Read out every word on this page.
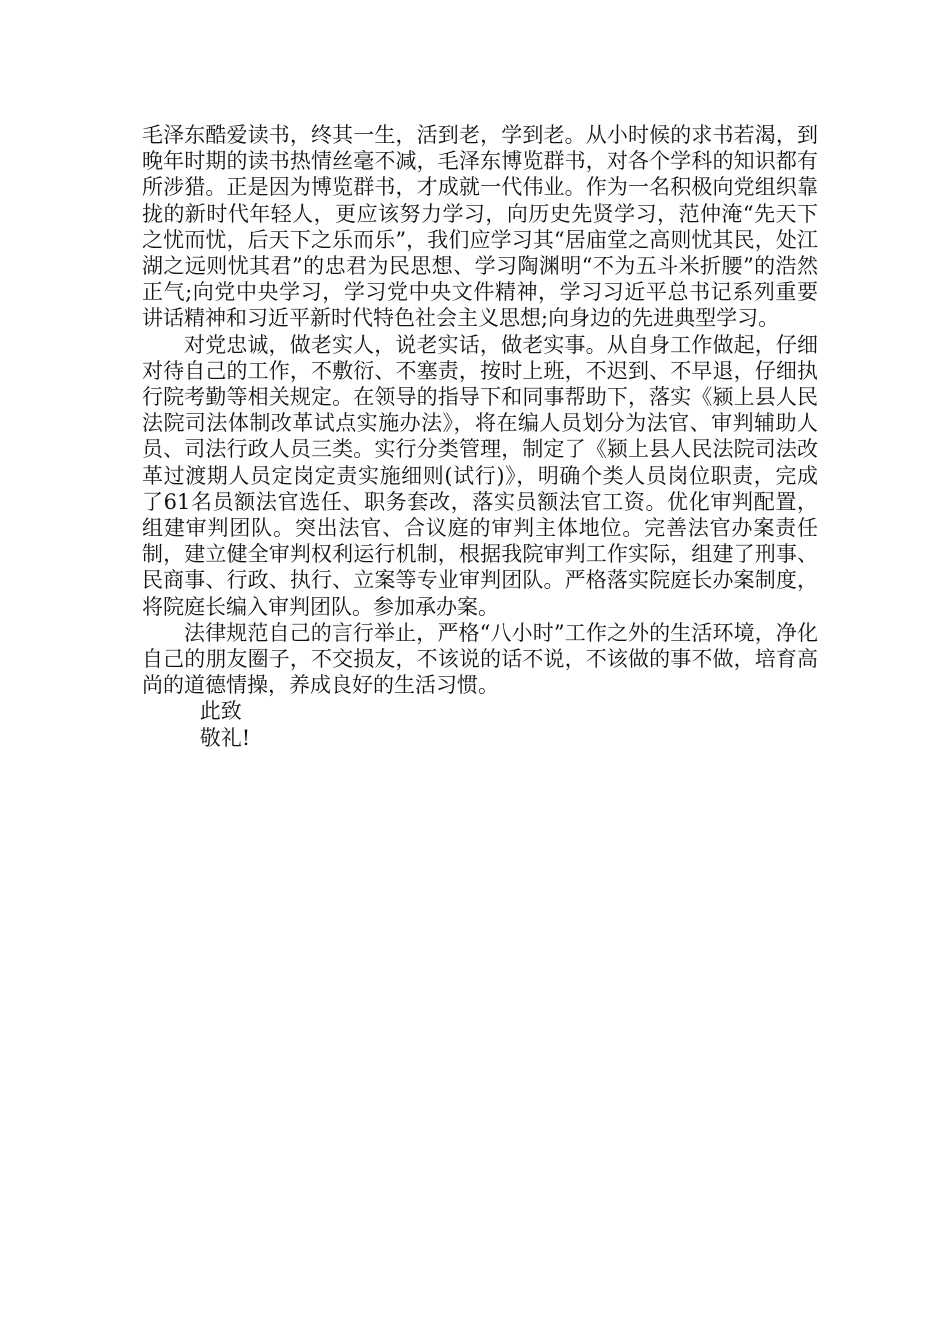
毛泽东酷爱读书，终其一生，活到老，学到老。从小时候的求书若渴，到晚年时期的读书热情丝毫不减，毛泽东博览群书，对各个学科的知识都有所涉猎。正是因为博览群书，才成就一代伟业。作为一名积极向党组织靠拢的新时代年轻人，更应该努力学习，向历史先贤学习，范仲淹“先天下之忧而忧，后天下之乐而乐”，我们应学习其“居庙堂之高则忧其民，处江湖之远则忧其君”的忠君为民思想、学习陶渊明“不为五斗米折腰”的浩然正气;向党中央学习，学习党中央文件精神，学习习近平总书记系列重要讲话精神和习近平新时代特色社会主义思想;向身边的先进典型学习。

对党忠诚，做老实人，说老实话，做老实事。从自身工作做起，仔细对待自己的工作，不敷衍、不塞责，按时上班，不迟到、不早退，仔细执行院考勤等相关规定。在领导的指导下和同事帮助下，落实《颍上县人民法院司法体制改革试点实施办法》，将在编人员划分为法官、审判辅助人员、司法行政人员三类。实行分类管理，制定了《颍上县人民法院司法改革过渡期人员定岗定责实施细则(试行)》，明确个类人员岗位职责，完成了61名员额法官选任、职务套改，落实员额法官工资。优化审判配置，组建审判团队。突出法官、合议庭的审判主体地位。完善法官办案责任制，建立健全审判权利运行机制，根据我院审判工作实际，组建了刑事、民商事、行政、执行、立案等专业审判团队。严格落实院庭长办案制度，将院庭长编入审判团队。参加承办案。

法律规范自己的言行举止，严格“八小时”工作之外的生活环境，净化自己的朋友圈子，不交损友，不该说的话不说，不该做的事不做，培育高尚的道德情操，养成良好的生活习惯。

此致

敬礼!
